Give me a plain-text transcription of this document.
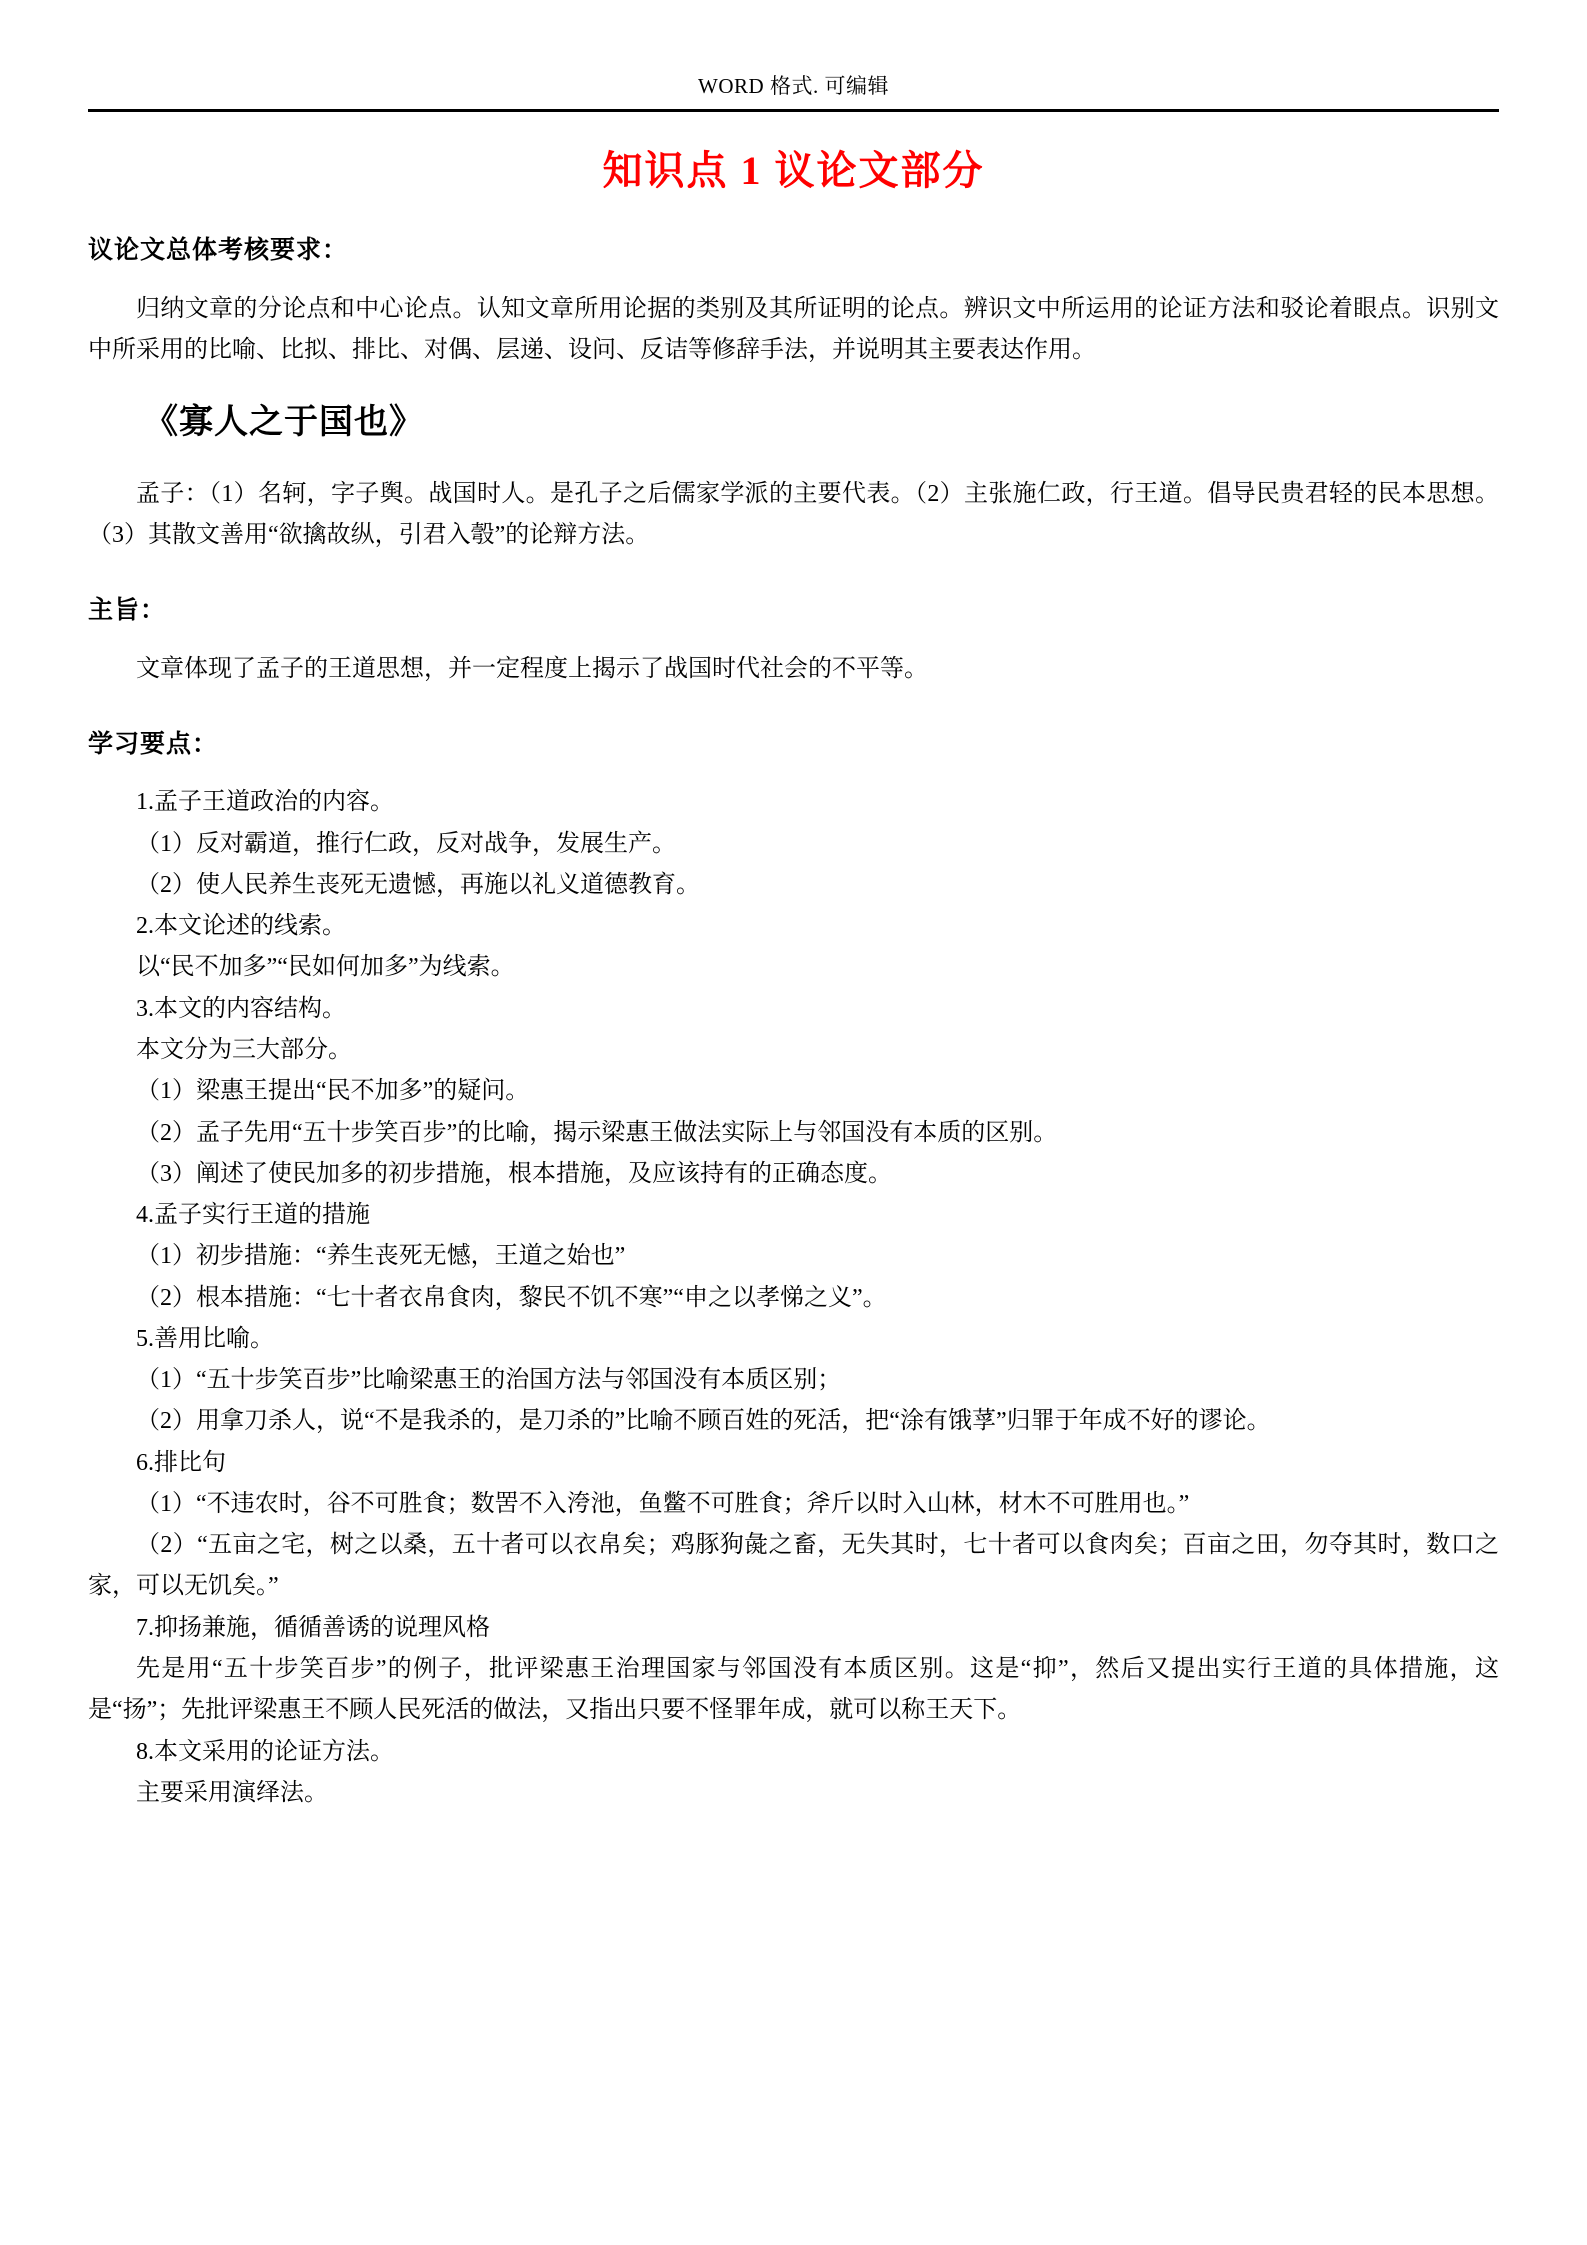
WORD 格式. 可编辑
知识点 1 议论文部分
议论文总体考核要求：

归纳文章的分论点和中心论点。认知文章所用论据的类别及其所证明的论点。辨识文中所运用的论证方法和驳论着眼点。识别文中所采用的比喻、比拟、排比、对偶、层递、设问、反诘等修辞手法，并说明其主要表达作用。

《寡人之于国也》

孟子：（1）名轲，字子舆。战国时人。是孔子之后儒家学派的主要代表。（2）主张施仁政，行王道。倡导民贵君轻的民本思想。（3）其散文善用“欲擒故纵，引君入彀”的论辩方法。

主旨：

文章体现了孟子的王道思想，并一定程度上揭示了战国时代社会的不平等。

学习要点：
1.孟子王道政治的内容。
（1）反对霸道，推行仁政，反对战争，发展生产。
（2）使人民养生丧死无遗憾，再施以礼义道德教育。
2.本文论述的线索。
以“民不加多”“民如何加多”为线索。
3.本文的内容结构。
本文分为三大部分。
（1）梁惠王提出“民不加多”的疑问。
（2）孟子先用“五十步笑百步”的比喻，揭示梁惠王做法实际上与邻国没有本质的区别。
（3）阐述了使民加多的初步措施，根本措施，及应该持有的正确态度。
4.孟子实行王道的措施
（1）初步措施：“养生丧死无憾，王道之始也”
（2）根本措施：“七十者衣帛食肉，黎民不饥不寒”“申之以孝悌之义”。
5.善用比喻。
（1）“五十步笑百步”比喻梁惠王的治国方法与邻国没有本质区别；
（2）用拿刀杀人，说“不是我杀的，是刀杀的”比喻不顾百姓的死活，把“涂有饿莩”归罪于年成不好的谬论。
6.排比句
（1）“不违农时，谷不可胜食；数罟不入洿池，鱼鳖不可胜食；斧斤以时入山林，材木不可胜用也。”
（2）“五亩之宅，树之以桑，五十者可以衣帛矣；鸡豚狗彘之畜，无失其时，七十者可以食肉矣；百亩之田，勿夺其时，数口之家，可以无饥矣。”
7.抑扬兼施，循循善诱的说理风格
先是用“五十步笑百步”的例子，批评梁惠王治理国家与邻国没有本质区别。这是“抑”，然后又提出实行王道的具体措施，这是“扬”；先批评梁惠王不顾人民死活的做法，又指出只要不怪罪年成，就可以称王天下。
8.本文采用的论证方法。
主要采用演绎法。
